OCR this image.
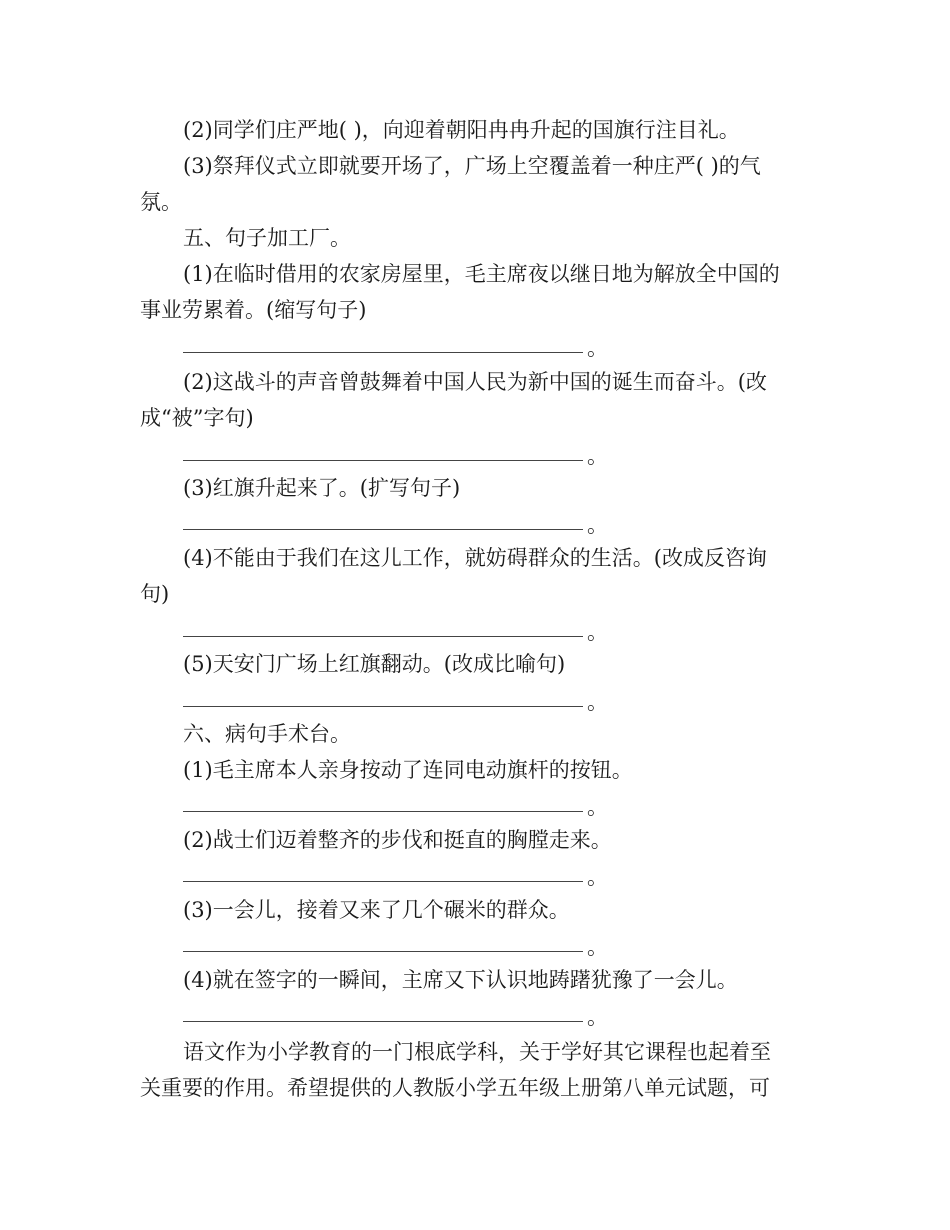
(2)同学们庄严地( )，向迎着朝阳冉冉升起的国旗行注目礼。
(3)祭拜仪式立即就要开场了，广场上空覆盖着一种庄严( )的气
氛。
五、句子加工厂。
(1)在临时借用的农家房屋里，毛主席夜以继日地为解放全中国的
事业劳累着。(缩写句子)
。
(2)这战斗的声音曾鼓舞着中国人民为新中国的诞生而奋斗。(改
成“被”字句)
。
(3)红旗升起来了。(扩写句子)
。
(4)不能由于我们在这儿工作，就妨碍群众的生活。(改成反咨询
句)
。
(5)天安门广场上红旗翻动。(改成比喻句)
。
六、病句手术台。
(1)毛主席本人亲身按动了连同电动旗杆的按钮。
。
(2)战士们迈着整齐的步伐和挺直的胸膛走来。
。
(3)一会儿，接着又来了几个碾米的群众。
。
(4)就在签字的一瞬间，主席又下认识地踌躇犹豫了一会儿。
。
语文作为小学教育的一门根底学科，关于学好其它课程也起着至
关重要的作用。希望提供的人教版小学五年级上册第八单元试题，可
